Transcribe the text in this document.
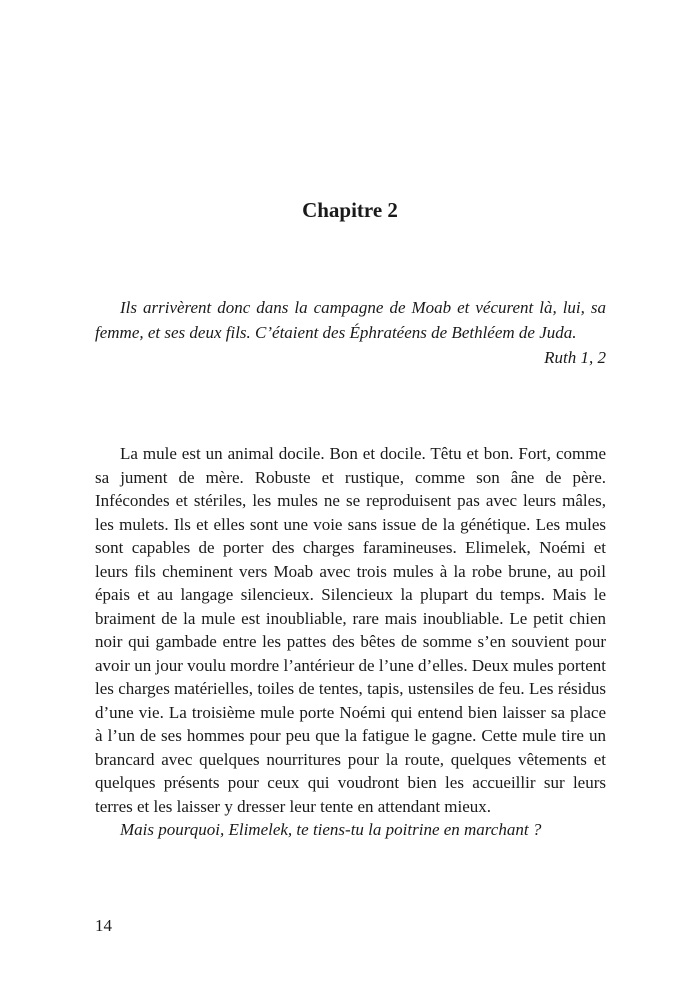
Chapitre 2

Ils arrivèrent donc dans la campagne de Moab et vécurent là, lui, sa femme, et ses deux fils. C’étaient des Éphratéens de Bethléem de Juda.

Ruth 1, 2

La mule est un animal docile. Bon et docile. Têtu et bon. Fort, comme sa jument de mère. Robuste et rustique, comme son âne de père. Infécondes et stériles, les mules ne se reproduisent pas avec leurs mâles, les mulets. Ils et elles sont une voie sans issue de la génétique. Les mules sont capables de porter des charges faramineuses. Elimelek, Noémi et leurs fils cheminent vers Moab avec trois mules à la robe brune, au poil épais et au langage silencieux. Silencieux la plupart du temps. Mais le braiment de la mule est inoubliable, rare mais inoubliable. Le petit chien noir qui gambade entre les pattes des bêtes de somme s’en souvient pour avoir un jour voulu mordre l’antérieur de l’une d’elles. Deux mules portent les charges matérielles, toiles de tentes, tapis, ustensiles de feu. Les résidus d’une vie. La troisième mule porte Noémi qui entend bien laisser sa place à l’un de ses hommes pour peu que la fatigue le gagne. Cette mule tire un brancard avec quelques nourritures pour la route, quelques vêtements et quelques présents pour ceux qui voudront bien les accueillir sur leurs terres et les laisser y dresser leur tente en attendant mieux.

Mais pourquoi, Elimelek, te tiens-tu la poitrine en marchant ?

14
